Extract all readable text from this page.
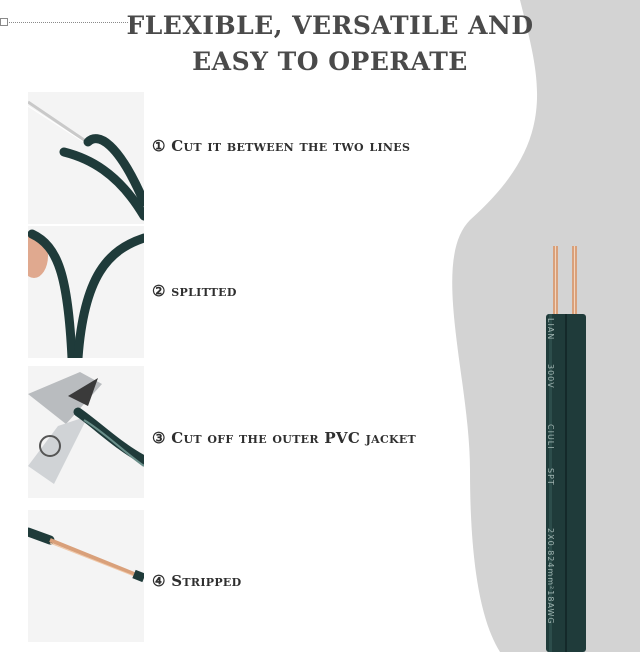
FLEXIBLE, VERSATILE AND
EASY TO OPERATE
① Cut it between the two lines
② splitted
③ Cut off the outer PVC jacket
④ Stripped
LIAN
300V
CIULI
SPT
2X0.824mm²18AWG
